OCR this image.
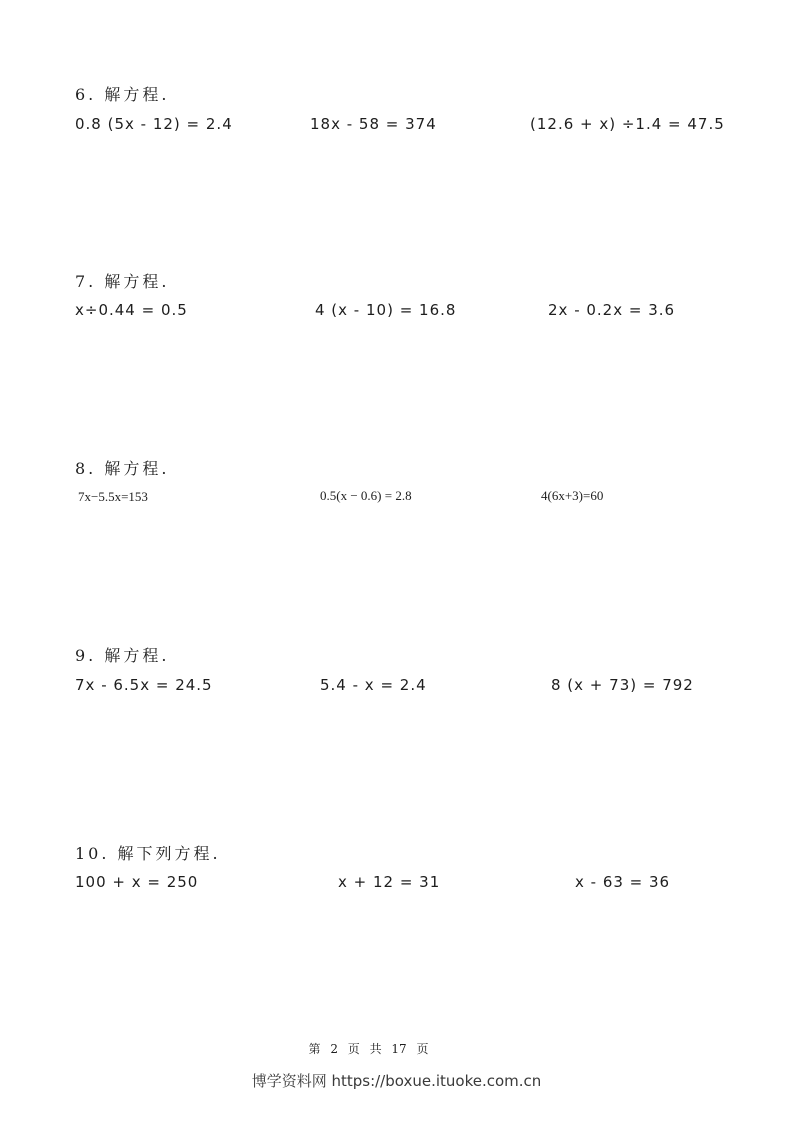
6. 解方程.
0.8 (5x - 12) = 2.4	18x - 58 = 374	(12.6 + x) ÷1.4 = 47.5
7. 解方程.
x÷0.44 = 0.5	4 (x - 10) = 16.8	2x - 0.2x = 3.6
8. 解方程.
7x−5.5x=153	0.5(x − 0.6) = 2.8	4(6x+3)=60
9. 解方程.
7x - 6.5x = 24.5	5.4 - x = 2.4	8 (x + 73) = 792
10. 解下列方程.
100 + x = 250	x + 12 = 31	x - 63 = 36
第 2 页 共 17 页
博学资料网 https://boxue.ituoke.com.cn
